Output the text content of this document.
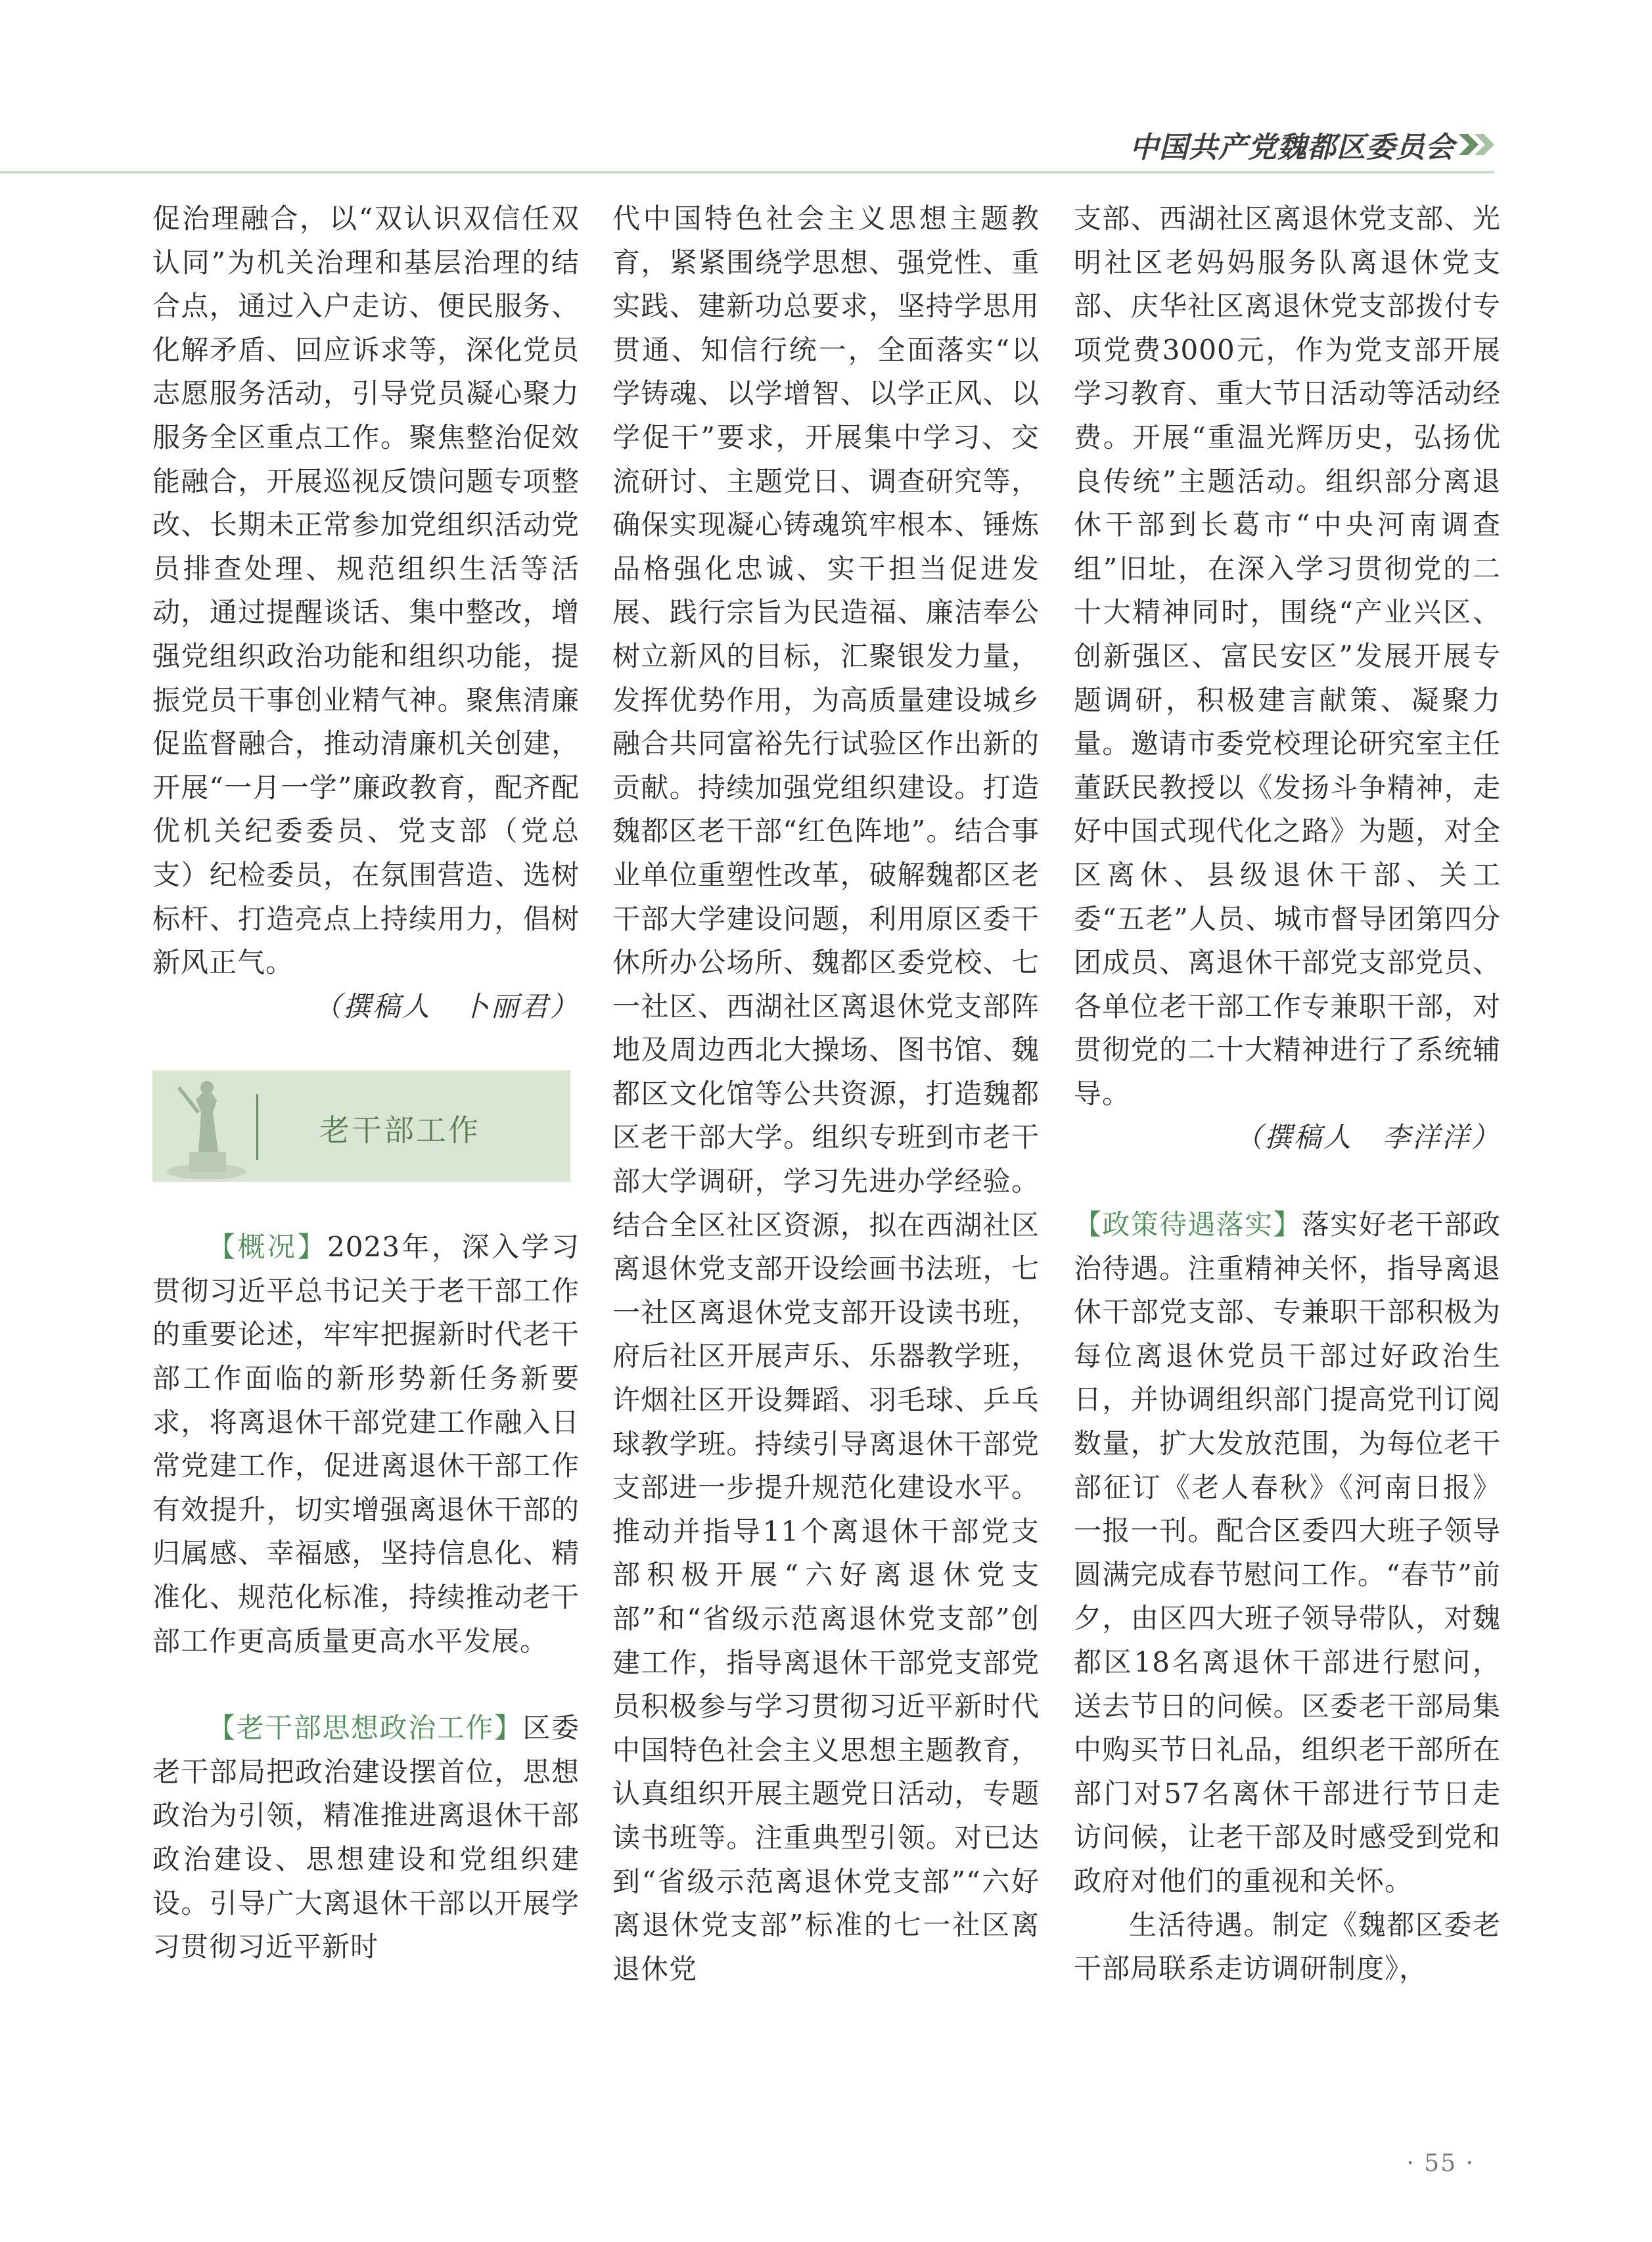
中国共产党魏都区委员会

促治理融合，以“双认识双信任双认同”为机关治理和基层治理的结合点，通过入户走访、便民服务、化解矛盾、回应诉求等，深化党员志愿服务活动，引导党员凝心聚力服务全区重点工作。聚焦整治促效能融合，开展巡视反馈问题专项整改、长期未正常参加党组织活动党员排查处理、规范组织生活等活动，通过提醒谈话、集中整改，增强党组织政治功能和组织功能，提振党员干事创业精气神。聚焦清廉促监督融合，推动清廉机关创建，开展“一月一学”廉政教育，配齐配优机关纪委委员、党支部（党总支）纪检委员，在氛围营造、选树标杆、打造亮点上持续用力，倡树新风正气。

（撰稿人　卜丽君）

老干部工作

【概况】2023年，深入学习贯彻习近平总书记关于老干部工作的重要论述，牢牢把握新时代老干部工作面临的新形势新任务新要求，将离退休干部党建工作融入日常党建工作，促进离退休干部工作有效提升，切实增强离退休干部的归属感、幸福感，坚持信息化、精准化、规范化标准，持续推动老干部工作更高质量更高水平发展。

【老干部思想政治工作】区委老干部局把政治建设摆首位，思想政治为引领，精准推进离退休干部政治建设、思想建设和党组织建设。引导广大离退休干部以开展学习贯彻习近平新时

代中国特色社会主义思想主题教育，紧紧围绕学思想、强党性、重实践、建新功总要求，坚持学思用贯通、知信行统一，全面落实“以学铸魂、以学增智、以学正风、以学促干”要求，开展集中学习、交流研讨、主题党日、调查研究等，确保实现凝心铸魂筑牢根本、锤炼品格强化忠诚、实干担当促进发展、践行宗旨为民造福、廉洁奉公树立新风的目标，汇聚银发力量，发挥优势作用，为高质量建设城乡融合共同富裕先行试验区作出新的贡献。持续加强党组织建设。打造魏都区老干部“红色阵地”。结合事业单位重塑性改革，破解魏都区老干部大学建设问题，利用原区委干休所办公场所、魏都区委党校、七一社区、西湖社区离退休党支部阵地及周边西北大操场、图书馆、魏都区文化馆等公共资源，打造魏都区老干部大学。组织专班到市老干部大学调研，学习先进办学经验。结合全区社区资源，拟在西湖社区离退休党支部开设绘画书法班，七一社区离退休党支部开设读书班，府后社区开展声乐、乐器教学班，许烟社区开设舞蹈、羽毛球、乒乓球教学班。持续引导离退休干部党支部进一步提升规范化建设水平。推动并指导11个离退休干部党支部积极开展“六好离退休党支部”和“省级示范离退休党支部”创建工作，指导离退休干部党支部党员积极参与学习贯彻习近平新时代中国特色社会主义思想主题教育，认真组织开展主题党日活动，专题读书班等。注重典型引领。对已达到“省级示范离退休党支部”“六好离退休党支部”标准的七一社区离退休党

支部、西湖社区离退休党支部、光明社区老妈妈服务队离退休党支部、庆华社区离退休党支部拨付专项党费3000元，作为党支部开展学习教育、重大节日活动等活动经费。开展“重温光辉历史，弘扬优良传统”主题活动。组织部分离退休干部到长葛市“中央河南调查组”旧址，在深入学习贯彻党的二十大精神同时，围绕“产业兴区、创新强区、富民安区”发展开展专题调研，积极建言献策、凝聚力量。邀请市委党校理论研究室主任董跃民教授以《发扬斗争精神，走好中国式现代化之路》为题，对全区离休、县级退休干部、关工委“五老”人员、城市督导团第四分团成员、离退休干部党支部党员、各单位老干部工作专兼职干部，对贯彻党的二十大精神进行了系统辅导。

（撰稿人　李洋洋）

【政策待遇落实】落实好老干部政治待遇。注重精神关怀，指导离退休干部党支部、专兼职干部积极为每位离退休党员干部过好政治生日，并协调组织部门提高党刊订阅数量，扩大发放范围，为每位老干部征订《老人春秋》《河南日报》一报一刊。配合区委四大班子领导圆满完成春节慰问工作。“春节”前夕，由区四大班子领导带队，对魏都区18名离退休干部进行慰问，送去节日的问候。区委老干部局集中购买节日礼品，组织老干部所在部门对57名离休干部进行节日走访问候，让老干部及时感受到党和政府对他们的重视和关怀。

生活待遇。制定《魏都区委老干部局联系走访调研制度》，

· 55 ·
